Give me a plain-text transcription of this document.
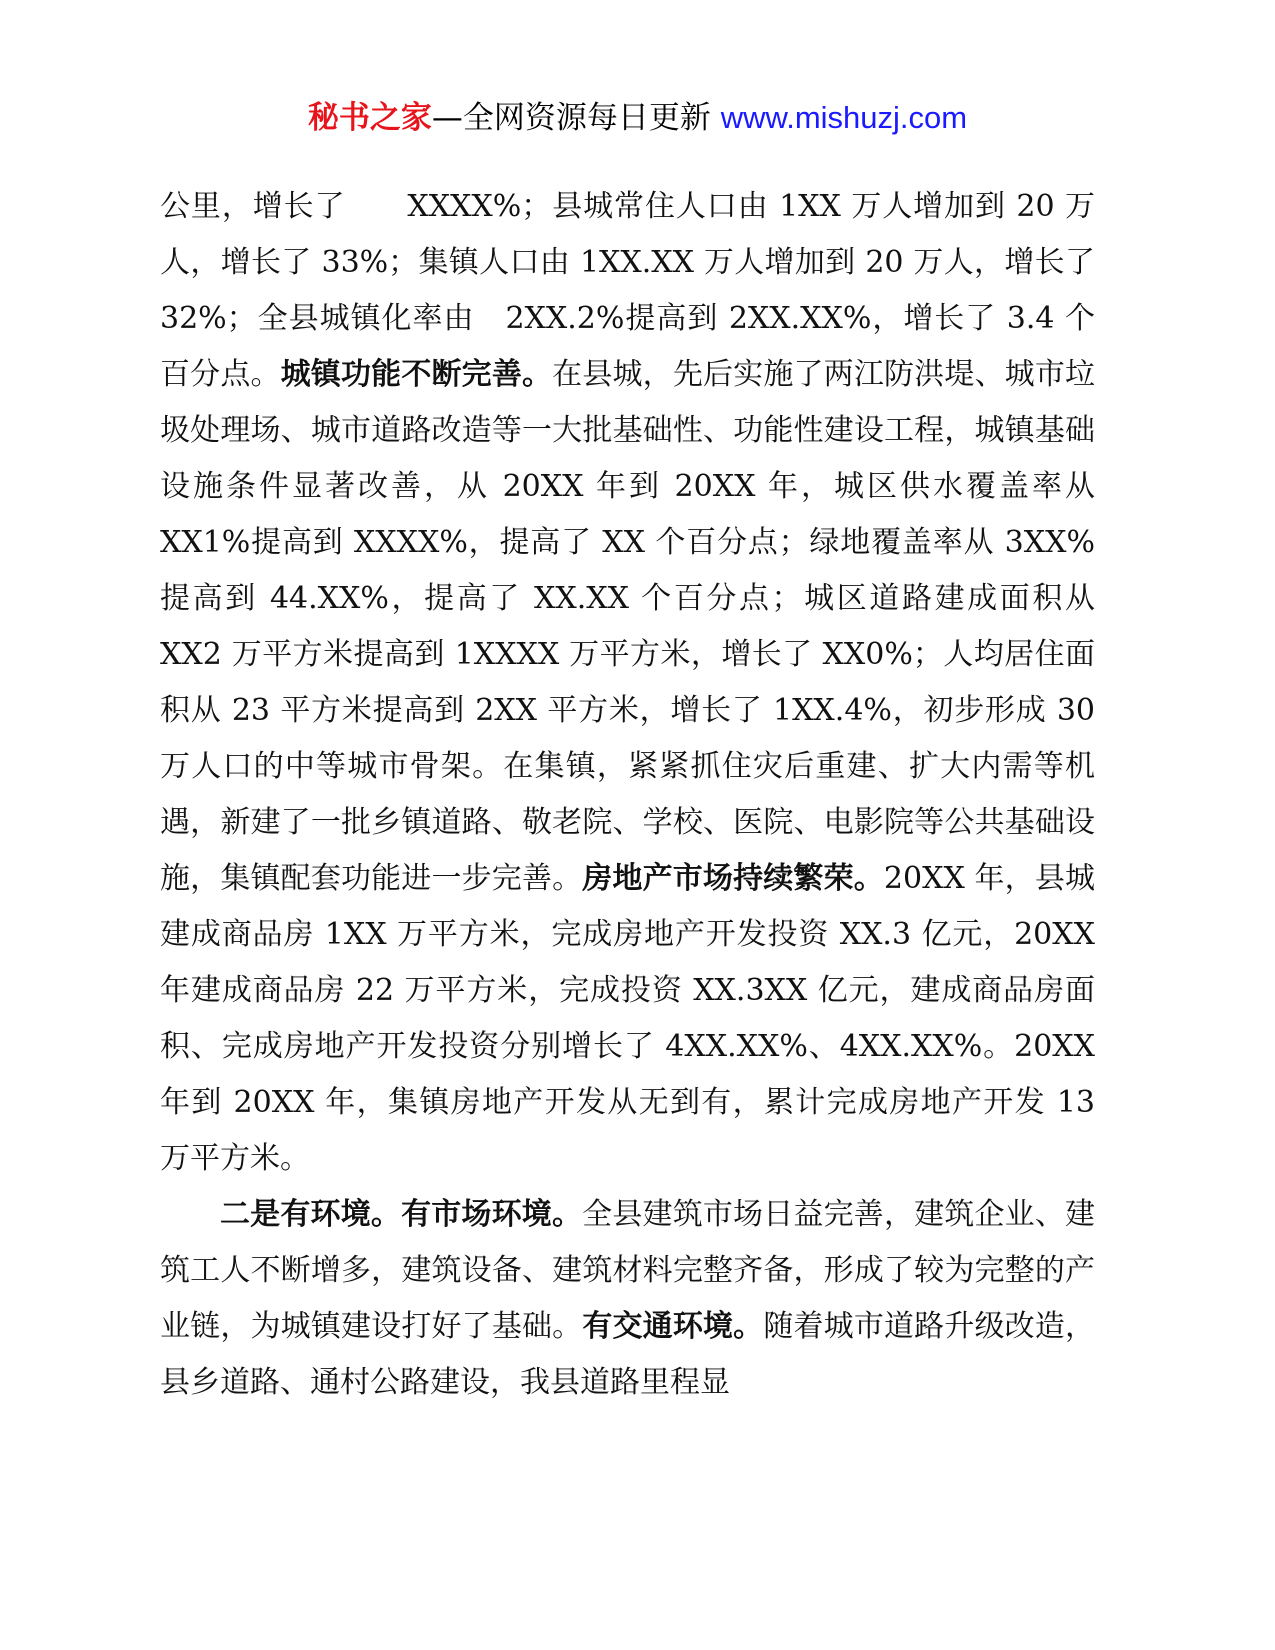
秘书之家—全网资源每日更新 www.mishuzj.com

公里，增长了　　XXXX%；县城常住人口由 1XX 万人增加到 20 万人，增长了 33%；集镇人口由 1XX.XX 万人增加到 20 万人，增长了 32%；全县城镇化率由　2XX.2%提高到 2XX.XX%，增长了 3.4 个百分点。城镇功能不断完善。在县城，先后实施了两江防洪堤、城市垃圾处理场、城市道路改造等一大批基础性、功能性建设工程，城镇基础设施条件显著改善，从 20XX 年到 20XX 年，城区供水覆盖率从 XX1%提高到 XXXX%，提高了 XX 个百分点；绿地覆盖率从 3XX%提高到 44.XX%，提高了 XX.XX 个百分点；城区道路建成面积从 XX2 万平方米提高到 1XXXX 万平方米，增长了 XX0%；人均居住面积从 23 平方米提高到 2XX 平方米，增长了 1XX.4%，初步形成 30 万人口的中等城市骨架。在集镇，紧紧抓住灾后重建、扩大内需等机遇，新建了一批乡镇道路、敬老院、学校、医院、电影院等公共基础设施，集镇配套功能进一步完善。房地产市场持续繁荣。20XX 年，县城建成商品房 1XX 万平方米，完成房地产开发投资 XX.3 亿元，20XX 年建成商品房 22 万平方米，完成投资 XX.3XX 亿元，建成商品房面积、完成房地产开发投资分别增长了 4XX.XX%、4XX.XX%。20XX 年到 20XX 年，集镇房地产开发从无到有，累计完成房地产开发 13 万平方米。

二是有环境。有市场环境。全县建筑市场日益完善，建筑企业、建筑工人不断增多，建筑设备、建筑材料完整齐备，形成了较为完整的产业链，为城镇建设打好了基础。有交通环境。随着城市道路升级改造，县乡道路、通村公路建设，我县道路里程显
